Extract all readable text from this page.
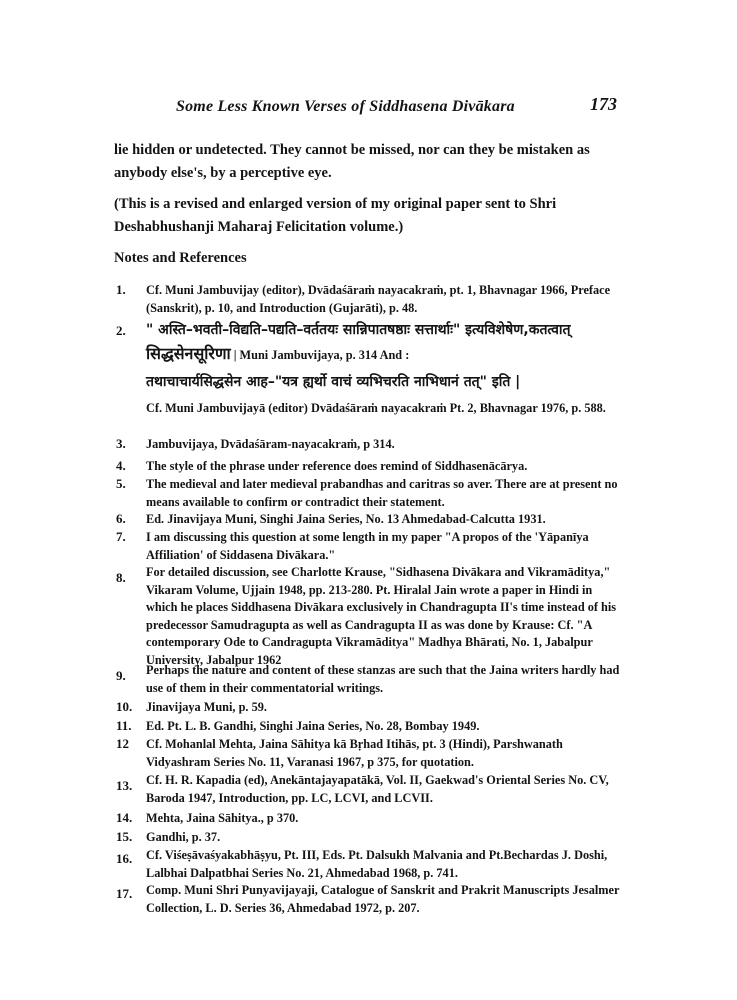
Some Less Known Verses of Siddhasena Divākara	173
lie hidden or undetected. They cannot be missed, nor can they be mistaken as anybody else's, by a perceptive eye.
(This is a revised and enlarged version of my original paper sent to Shri Deshabhushanji Maharaj Felicitation volume.)
Notes and References
1.	Cf. Muni Jambuvijay (editor), Dvādaśāraṁ nayacakraṁ, pt. 1, Bhavnagar 1966, Preface (Sanskrit), p. 10, and Introduction (Gujarāti), p. 48.
2.	" अस्ति–भवती–विद्यति–पद्यति–वर्ततयः सान्निपातषष्ठाः सत्तार्थाः" इत्यविशेषेण,कतत्वात्
सिद्धसेनसूरिणा | Muni Jambuvijaya, p. 314 And :
तथाचाचार्यसिद्धसेन आह–"यत्र ह्यर्थो वाचं व्यभिचरति नाभिधानं तत्" इति |
Cf. Muni Jambuvijayā (editor) Dvādaśāraṁ nayacakraṁ Pt. 2, Bhavnagar 1976, p. 588.
3.	Jambuvijaya, Dvādaśāram-nayacakraṁ, p 314.
4.	The style of the phrase under reference does remind of Siddhasenācārya.
5.	The medieval and later medieval prabandhas and caritras so aver. There are at present no means available to confirm or contradict their statement.
6.	Ed. Jinavijaya Muni, Singhi Jaina Series, No. 13 Ahmedabad-Calcutta 1931.
7.	I am discussing this question at some length in my paper "A propos of the 'Yāpanīya Affiliation' of Siddasena Divākara."
8.	For detailed discussion, see Charlotte Krause, "Sidhasena Divākara and Vikramāditya," Vikaram Volume, Ujjain 1948, pp. 213-280. Pt. Hiralal Jain wrote a paper in Hindi in which he places Siddhasena Divākara exclusively in Chandragupta II's time instead of his predecessor Samudragupta as well as Candragupta II as was done by Krause: Cf. "A contemporary Ode to Candragupta Vikramāditya" Madhya Bhārati, No. 1, Jabalpur University, Jabalpur 1962
9.	Perhaps the nature and content of these stanzas are such that the Jaina writers hardly had use of them in their commentatorial writings.
10.	Jinavijaya Muni, p. 59.
11.	Ed. Pt. L. B. Gandhi, Singhi Jaina Series, No. 28, Bombay 1949.
12	Cf. Mohanlal Mehta, Jaina Sāhitya kā Bṛhad Itihās, pt. 3 (Hindi), Parshwanath Vidyashram Series No. 11, Varanasi 1967, p 375, for quotation.
13.	Cf. H. R. Kapadia (ed), Anekāntajayapatākā, Vol. II, Gaekwad's Oriental Series No. CV, Baroda 1947, Introduction, pp. LC, LCVI, and LCVII.
14.	Mehta, Jaina Sāhitya., p 370.
15.	Gandhi, p. 37.
16.	Cf. Viśeṣāvaśyakabhāṣyu, Pt. III, Eds. Pt. Dalsukh Malvania and Pt.Bechardas J. Doshi, Lalbhai Dalpatbhai Series No. 21, Ahmedabad 1968, p. 741.
17.	Comp. Muni Shri Punyavijayaji, Catalogue of Sanskrit and Prakrit Manuscripts Jesalmer Collection, L. D. Series 36, Ahmedabad 1972, p. 207.
